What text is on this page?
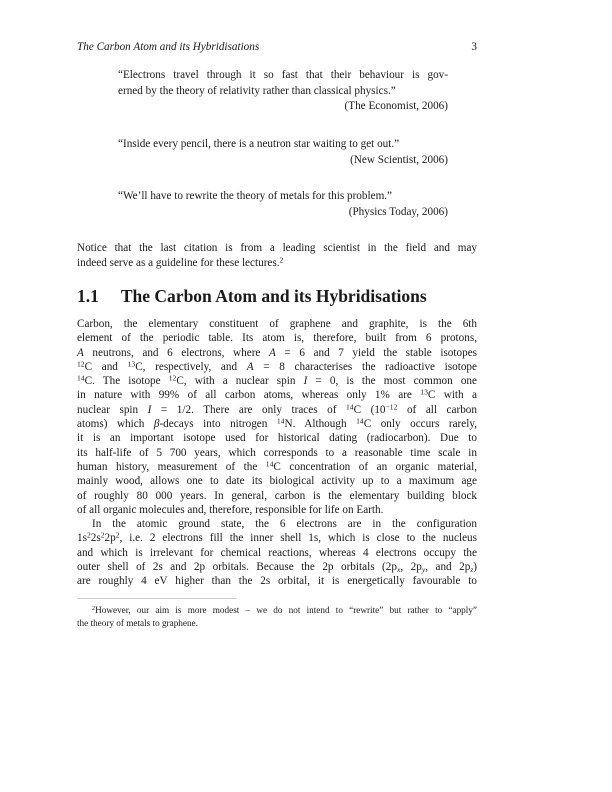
The Carbon Atom and its Hybridisations	3
“Electrons travel through it so fast that their behaviour is gov-
erned by the theory of relativity rather than classical physics.”
(The Economist, 2006)
“Inside every pencil, there is a neutron star waiting to get out.”
(New Scientist, 2006)
“We’ll have to rewrite the theory of metals for this problem.”
(Physics Today, 2006)
Notice that the last citation is from a leading scientist in the field and may
indeed serve as a guideline for these lectures.$^2$
1.1 The Carbon Atom and its Hybridisations
Carbon, the elementary constituent of graphene and graphite, is the 6th
element of the periodic table. Its atom is, therefore, built from 6 protons,
A neutrons, and 6 electrons, where A = 6 and 7 yield the stable isotopes
$^{12}$C and $^{13}$C, respectively, and A = 8 characterises the radioactive isotope
$^{14}$C. The isotope $^{12}$C, with a nuclear spin I = 0, is the most common one
in nature with 99% of all carbon atoms, whereas only 1% are $^{13}$C with a
nuclear spin I = 1/2. There are only traces of $^{14}$C ($10^{-12}$ of all carbon
atoms) which β-decays into nitrogen $^{14}$N. Although $^{14}$C only occurs rarely,
it is an important isotope used for historical dating (radiocarbon). Due to
its half-life of 5 700 years, which corresponds to a reasonable time scale in
human history, measurement of the $^{14}$C concentration of an organic material,
mainly wood, allows one to date its biological activity up to a maximum age
of roughly 80 000 years. In general, carbon is the elementary building block
of all organic molecules and, therefore, responsible for life on Earth.
In the atomic ground state, the 6 electrons are in the configuration
$1s^22s^22p^2$, i.e. 2 electrons fill the inner shell 1s, which is close to the nucleus
and which is irrelevant for chemical reactions, whereas 4 electrons occupy the
outer shell of 2s and 2p orbitals. Because the 2p orbitals ($2p_x$, $2p_y$, and $2p_z$)
are roughly 4 eV higher than the 2s orbital, it is energetically favourable to
$^2$However, our aim is more modest – we do not intend to “rewrite” but rather to “apply”
the theory of metals to graphene.
